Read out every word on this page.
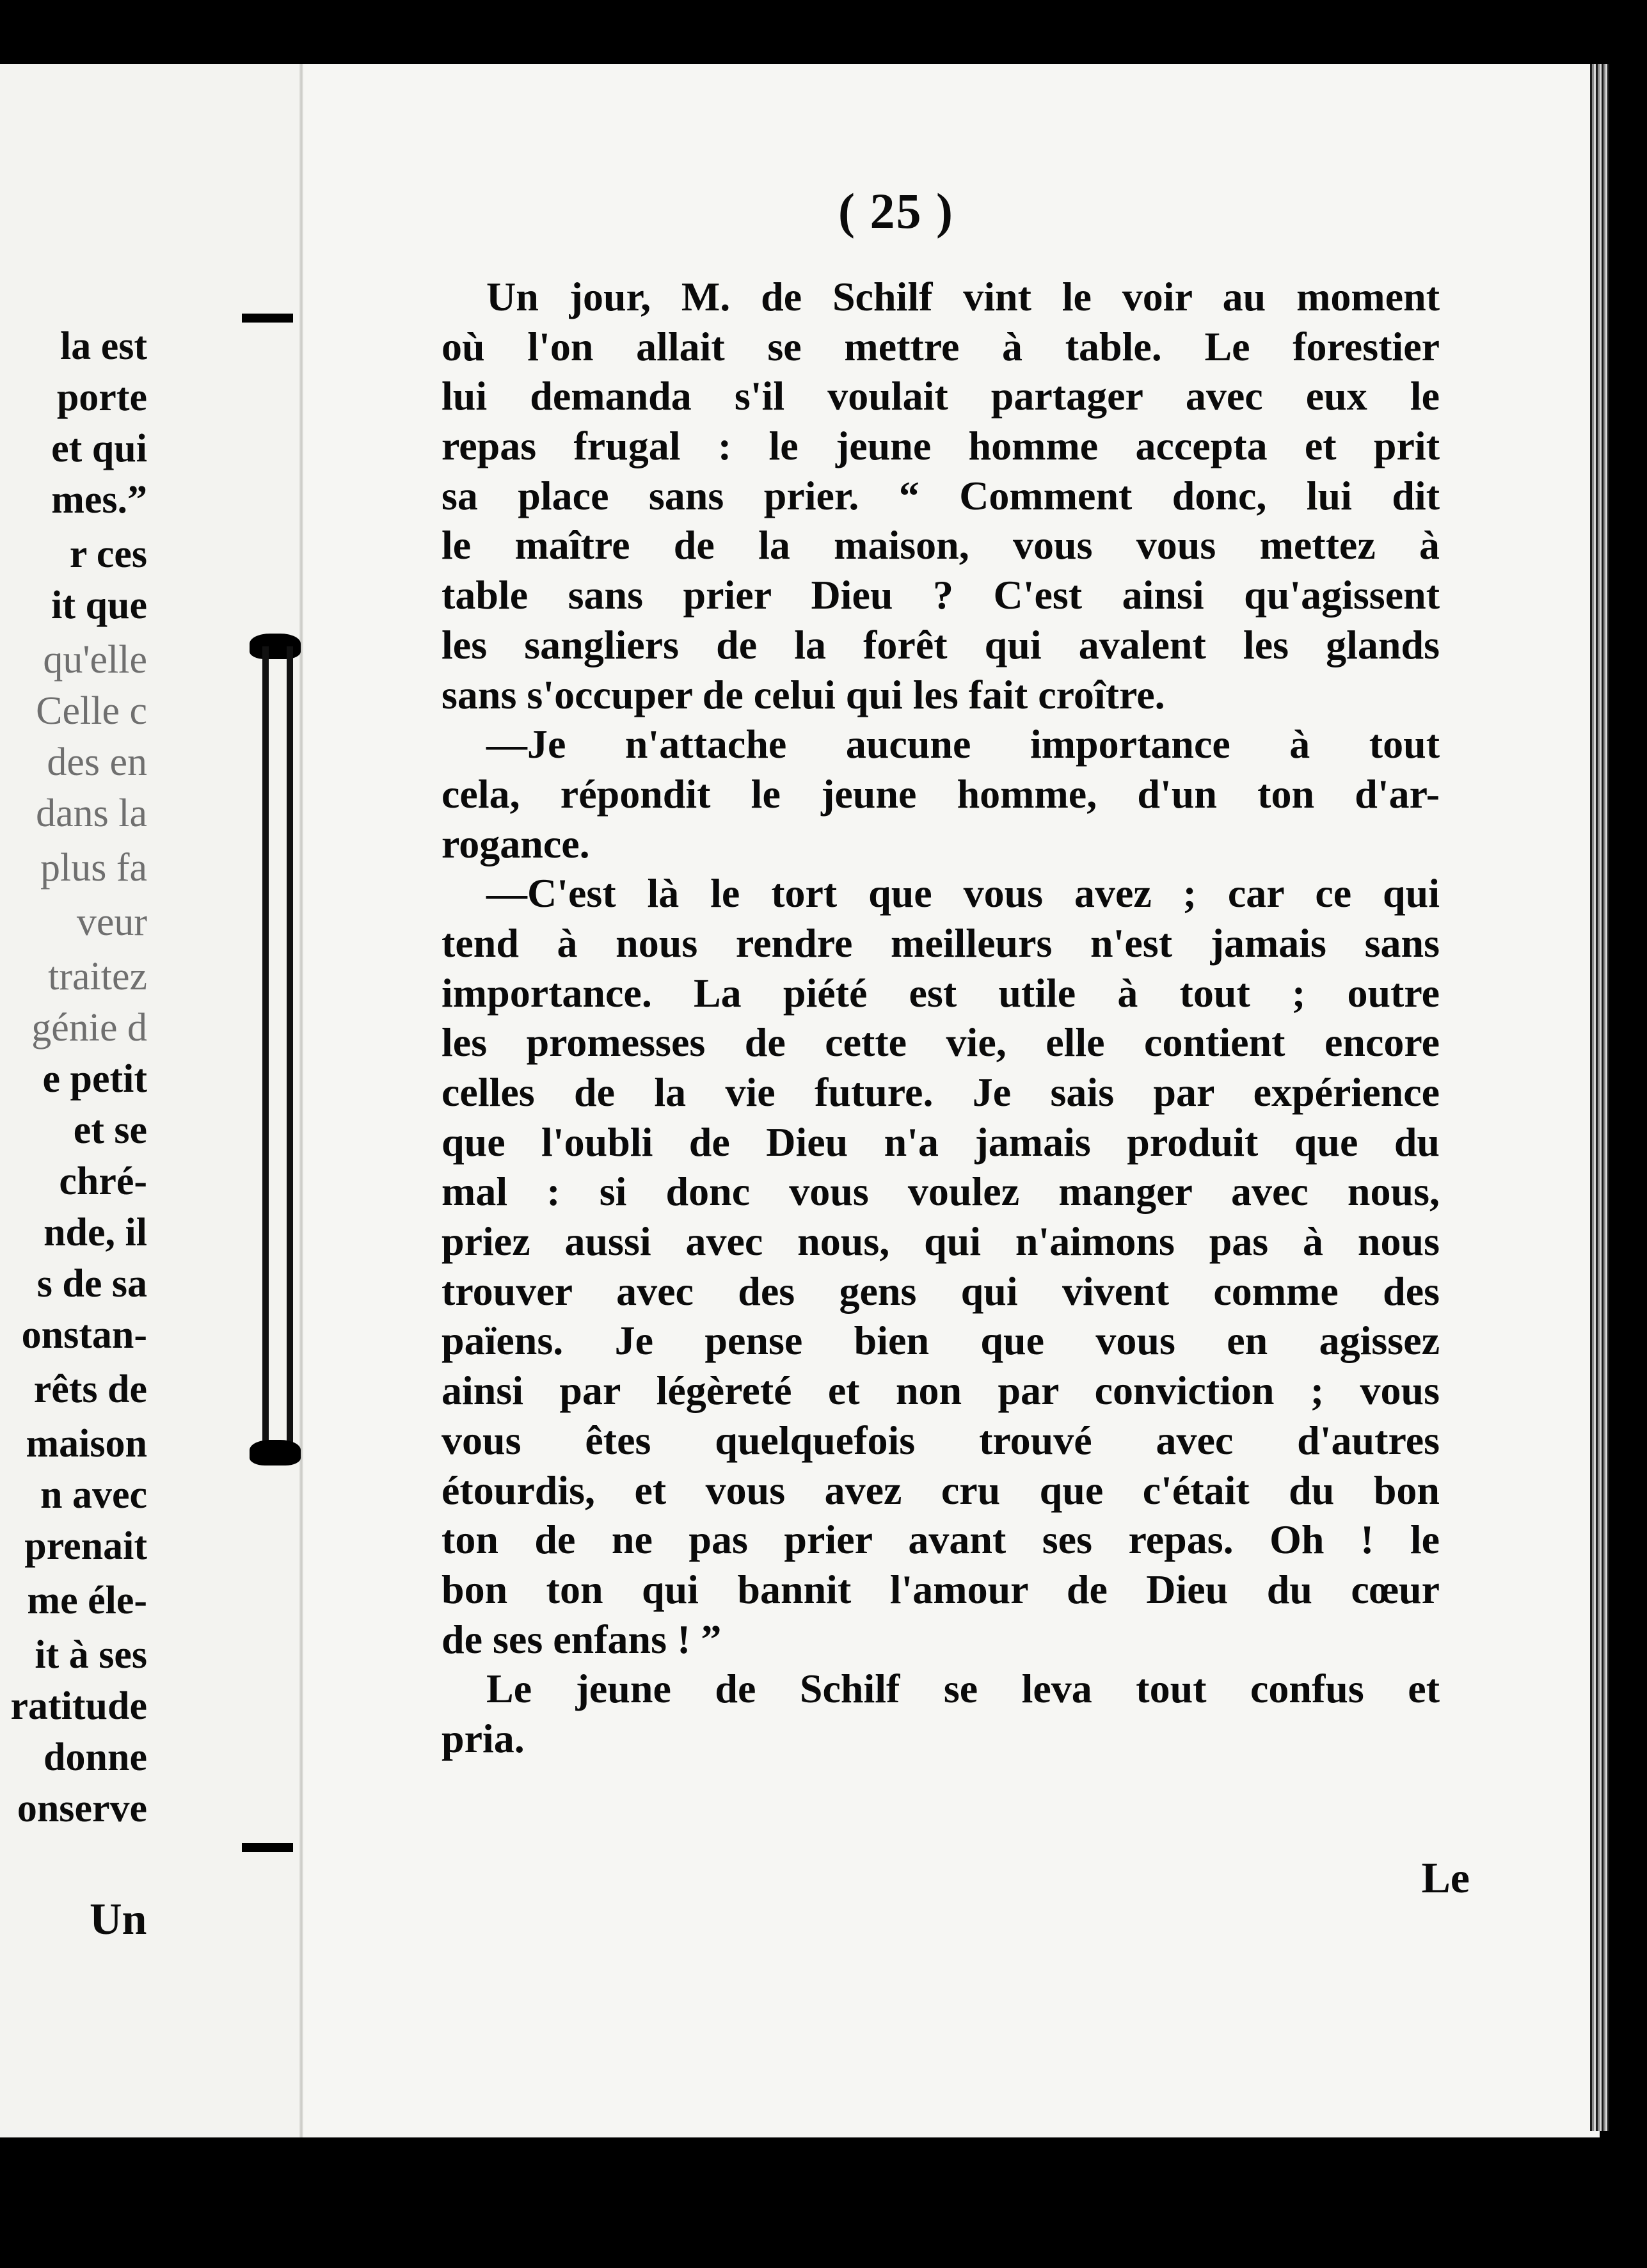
la est
porte
et qui
mes.”
r ces
it que
qu'elle
Celle c
des en
dans la
plus fa
veur
traitez
génie d
e petit
et se
chré-
nde, il
s de sa
onstan-
rêts de
maison
n avec
prenait
me éle-
it à ses
ratitude
donne
onserve
Un
( 25 )
Un jour, M. de Schilf vint le voir au moment
où l'on allait se mettre à table. Le forestier
lui demanda s'il voulait partager avec eux le
repas frugal : le jeune homme accepta et prit
sa place sans prier. “ Comment donc, lui dit
le maître de la maison, vous vous mettez à
table sans prier Dieu ? C'est ainsi qu'agissent
les sangliers de la forêt qui avalent les glands
sans s'occuper de celui qui les fait croître.
—Je n'attache aucune importance à tout
cela, répondit le jeune homme, d'un ton d'ar-
rogance.
—C'est là le tort que vous avez ; car ce qui
tend à nous rendre meilleurs n'est jamais sans
importance. La piété est utile à tout ; outre
les promesses de cette vie, elle contient encore
celles de la vie future. Je sais par expérience
que l'oubli de Dieu n'a jamais produit que du
mal : si donc vous voulez manger avec nous,
priez aussi avec nous, qui n'aimons pas à nous
trouver avec des gens qui vivent comme des
païens. Je pense bien que vous en agissez
ainsi par légèreté et non par conviction ; vous
vous êtes quelquefois trouvé avec d'autres
étourdis, et vous avez cru que c'était du bon
ton de ne pas prier avant ses repas. Oh ! le
bon ton qui bannit l'amour de Dieu du cœur
de ses enfans ! ”
Le jeune de Schilf se leva tout confus et
pria.
Le
